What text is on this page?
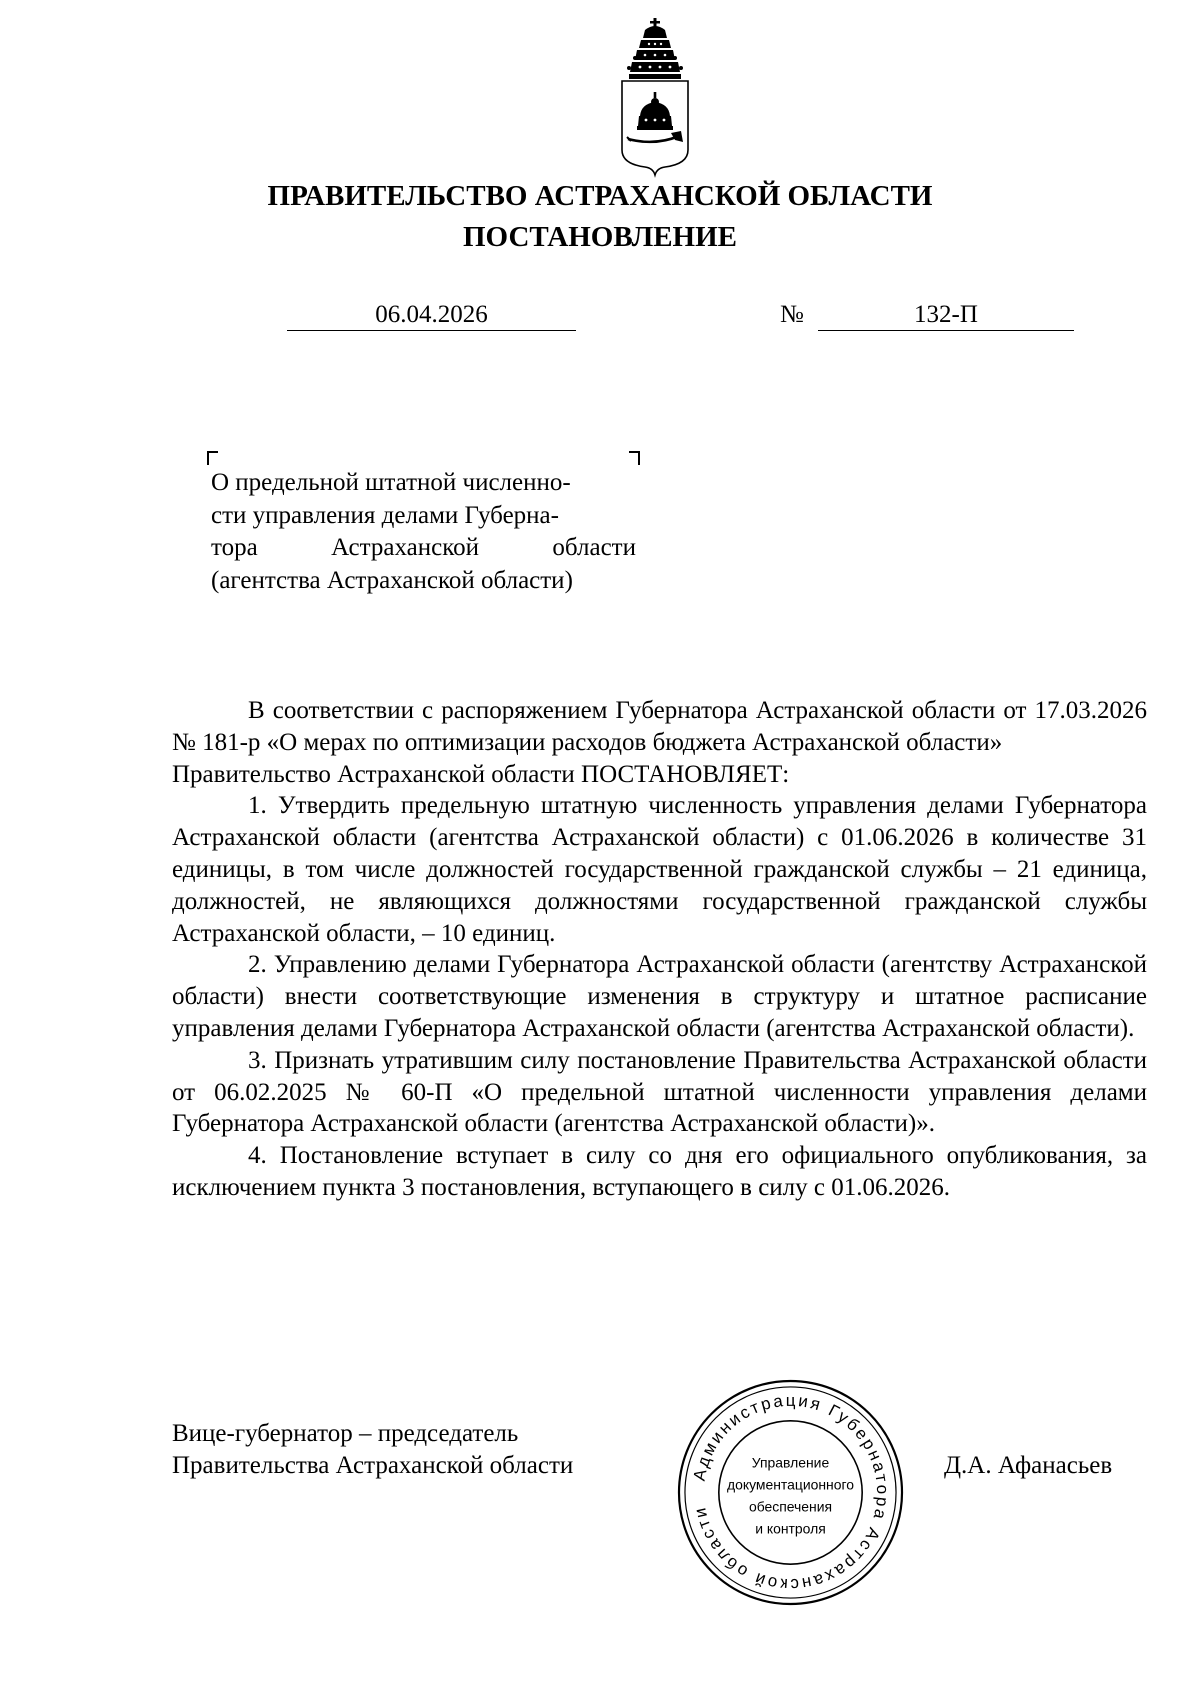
ПРАВИТЕЛЬСТВО АСТРАХАНСКОЙ ОБЛАСТИ
ПОСТАНОВЛЕНИЕ
06.04.2026	№	132-П
О предельной штатной численно-
сти управления делами Губерна-
тора Астраханской области
(агентства Астраханской области)

В соответствии с распоряжением Губернатора Астраханской области от 17.03.2026 № 181-р «О мерах по оптимизации расходов бюджета Астраханской области»

Правительство Астраханской области ПОСТАНОВЛЯЕТ:

1. Утвердить предельную штатную численность управления делами Губернатора Астраханской области (агентства Астраханской области) с 01.06.2026 в количестве 31 единицы, в том числе должностей государственной гражданской службы – 21 единица, должностей, не являющихся должностями государственной гражданской службы Астраханской области, – 10 единиц.

2. Управлению делами Губернатора Астраханской области (агентству Астраханской области) внести соответствующие изменения в структуру и штатное расписание управления делами Губернатора Астраханской области (агентства Астраханской области).

3. Признать утратившим силу постановление Правительства Астраханской области от 06.02.2025 № 60-П «О предельной штатной численности управления делами Губернатора Астраханской области (агентства Астраханской области)».

4. Постановление вступает в силу со дня его официального опубликования, за исключением пункта 3 постановления, вступающего в силу с 01.06.2026.

Вице-губернатор – председатель
Правительства Астраханской области	Администрация Губернатора Астраханской области
Управление
документационного
обеспечения
и контроля
Д.А. Афанасьев
